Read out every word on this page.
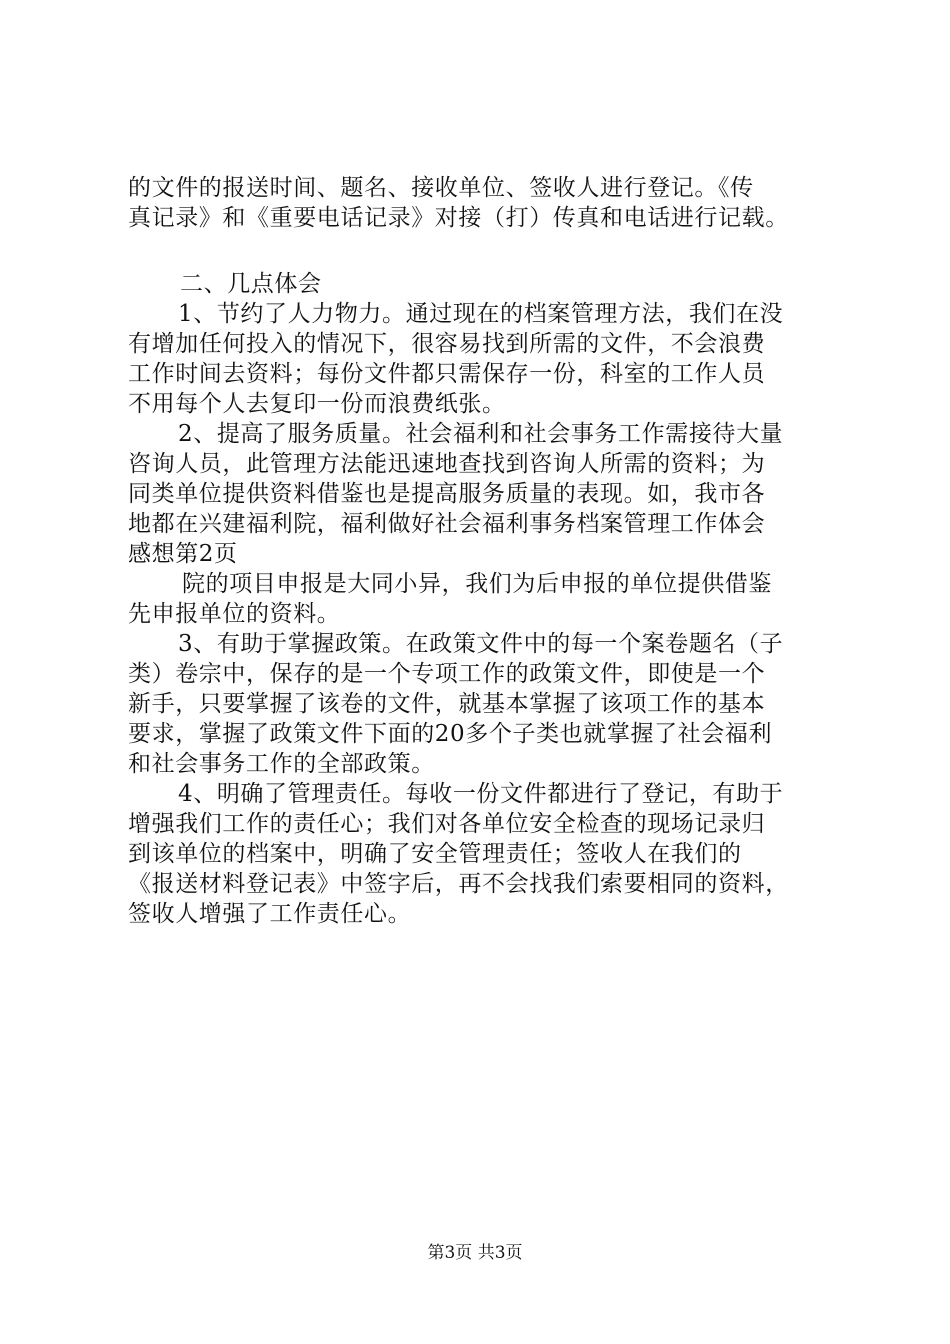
的文件的报送时间、题名、接收单位、签收人进行登记。《传
真记录》和《重要电话记录》对接（打）传真和电话进行记载。
二、几点体会
1、节约了人力物力。通过现在的档案管理方法，我们在没
有增加任何投入的情况下，很容易找到所需的文件，不会浪费
工作时间去资料；每份文件都只需保存一份，科室的工作人员
不用每个人去复印一份而浪费纸张。
2、提高了服务质量。社会福利和社会事务工作需接待大量
咨询人员，此管理方法能迅速地查找到咨询人所需的资料；为
同类单位提供资料借鉴也是提高服务质量的表现。如，我市各
地都在兴建福利院，福利做好社会福利事务档案管理工作体会
感想第2页
院的项目申报是大同小异，我们为后申报的单位提供借鉴
先申报单位的资料。
3、有助于掌握政策。在政策文件中的每一个案卷题名（子
类）卷宗中，保存的是一个专项工作的政策文件，即使是一个
新手，只要掌握了该卷的文件，就基本掌握了该项工作的基本
要求，掌握了政策文件下面的20多个子类也就掌握了社会福利
和社会事务工作的全部政策。
4、明确了管理责任。每收一份文件都进行了登记，有助于
增强我们工作的责任心；我们对各单位安全检查的现场记录归
到该单位的档案中，明确了安全管理责任；签收人在我们的
《报送材料登记表》中签字后，再不会找我们索要相同的资料，
签收人增强了工作责任心。
第3页 共3页
